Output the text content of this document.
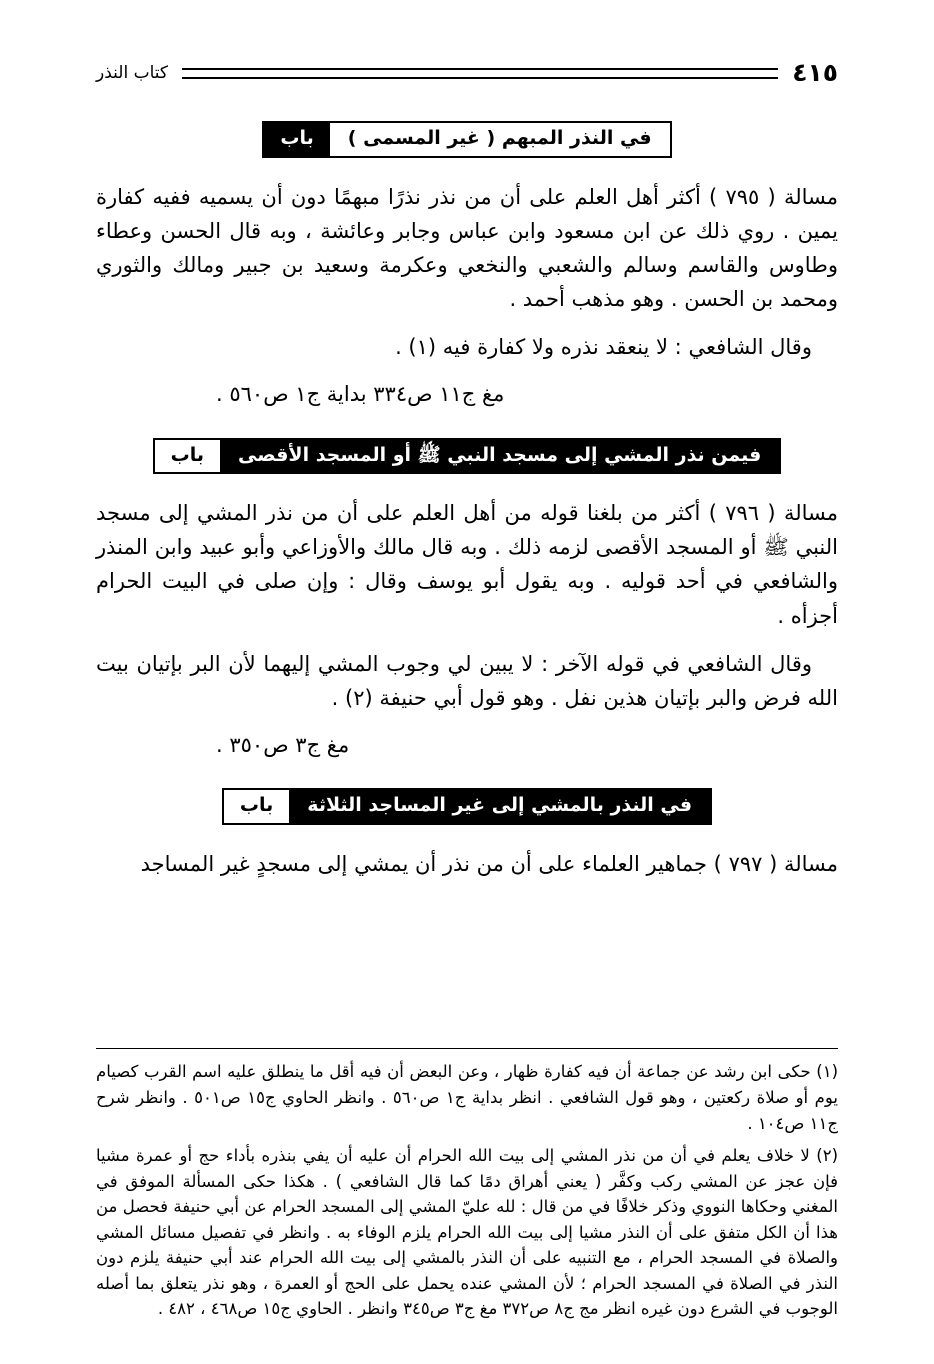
٤١٥
كتاب النذر
في النذر المبهم ( غير المسمى )
باب

مسالة ( ٧٩٥ ) أكثر أهل العلم على أن من نذر نذرًا مبهمًا دون أن يسميه ففيه كفارة يمين . روي ذلك عن ابن مسعود وابن عباس وجابر وعائشة ، وبه قال الحسن وعطاء وطاوس والقاسم وسالم والشعبي والنخعي وعكرمة وسعيد بن جبير ومالك والثوري ومحمد بن الحسن . وهو مذهب أحمد .

وقال الشافعي : لا ينعقد نذره ولا كفارة فيه (١) .

مغ ج١١ ص٣٣٤ بداية ج١ ص٥٦٠ .

فيمن نذر المشي إلى مسجد النبي ﷺ أو المسجد الأقصى
باب

مسالة ( ٧٩٦ ) أكثر من بلغنا قوله من أهل العلم على أن من نذر المشي إلى مسجد النبي ﷺ أو المسجد الأقصى لزمه ذلك . وبه قال مالك والأوزاعي وأبو عبيد وابن المنذر والشافعي في أحد قوليه . وبه يقول أبو يوسف وقال : وإن صلى في البيت الحرام أجزأه .

وقال الشافعي في قوله الآخر : لا يبين لي وجوب المشي إليهما لأن البر بإتيان بيت الله فرض والبر بإتيان هذين نفل . وهو قول أبي حنيفة (٢) .

مغ ج٣ ص٣٥٠ .

في النذر بالمشي إلى غير المساجد الثلاثة
باب

مسالة ( ٧٩٧ ) جماهير العلماء على أن من نذر أن يمشي إلى مسجدٍ غير المساجد

(١) حكى ابن رشد عن جماعة أن فيه كفارة ظهار ، وعن البعض أن فيه أقل ما ينطلق عليه اسم القرب كصيام يوم أو صلاة ركعتين ، وهو قول الشافعي . انظر بداية ج١ ص٥٦٠ . وانظر الحاوي ج١٥ ص٥٠١ . وانظر شرح ج١١ ص١٠٤ .

(٢) لا خلاف يعلم في أن من نذر المشي إلى بيت الله الحرام أن عليه أن يفي بنذره بأداء حج أو عمرة مشيا فإن عجز عن المشي ركب وكفَّر ( يعني أهراق دمًا كما قال الشافعي ) . هكذا حكى المسألة الموفق في المغني وحكاها النووي وذكر خلافًا في من قال : لله عليّ المشي إلى المسجد الحرام عن أبي حنيفة فحصل من هذا أن الكل متفق على أن النذر مشيا إلى بيت الله الحرام يلزم الوفاء به . وانظر في تفصيل مسائل المشي والصلاة في المسجد الحرام ، مع التنبيه على أن النذر بالمشي إلى بيت الله الحرام عند أبي حنيفة يلزم دون النذر في الصلاة في المسجد الحرام ؛ لأن المشي عنده يحمل على الحج أو العمرة ، وهو نذر يتعلق بما أصله الوجوب في الشرع دون غيره انظر مج ج٨ ص٣٧٢ مغ ج٣ ص٣٤٥ وانظر . الحاوي ج١٥ ص٤٦٨ ، ٤٨٢ .
